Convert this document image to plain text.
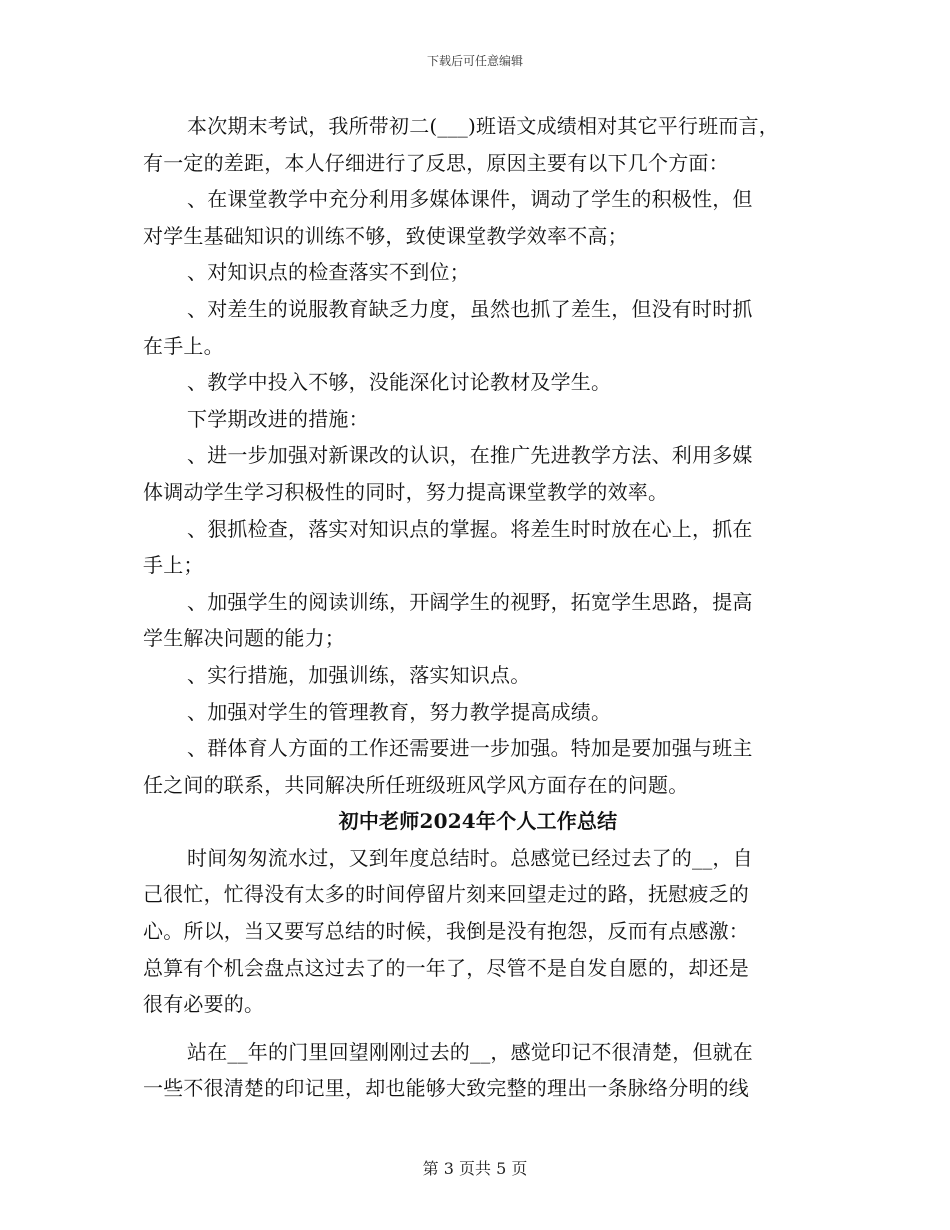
下载后可任意编辑
本次期末考试，我所带初二(___)班语文成绩相对其它平行班而言，
有一定的差距，本人仔细进行了反思，原因主要有以下几个方面：
、在课堂教学中充分利用多媒体课件，调动了学生的积极性，但
对学生基础知识的训练不够，致使课堂教学效率不高；
、对知识点的检查落实不到位；
、对差生的说服教育缺乏力度，虽然也抓了差生，但没有时时抓
在手上。
、教学中投入不够，没能深化讨论教材及学生。
下学期改进的措施：
、进一步加强对新课改的认识，在推广先进教学方法、利用多媒
体调动学生学习积极性的同时，努力提高课堂教学的效率。
、狠抓检查，落实对知识点的掌握。将差生时时放在心上，抓在
手上；
、加强学生的阅读训练，开阔学生的视野，拓宽学生思路，提高
学生解决问题的能力；
、实行措施，加强训练，落实知识点。
、加强对学生的管理教育，努力教学提高成绩。
、群体育人方面的工作还需要进一步加强。特加是要加强与班主
任之间的联系，共同解决所任班级班风学风方面存在的问题。
初中老师2024年个人工作总结
时间匆匆流水过，又到年度总结时。总感觉已经过去了的__，自
己很忙，忙得没有太多的时间停留片刻来回望走过的路，抚慰疲乏的
心。所以，当又要写总结的时候，我倒是没有抱怨，反而有点感激：
总算有个机会盘点这过去了的一年了，尽管不是自发自愿的，却还是
很有必要的。
站在__年的门里回望刚刚过去的__，感觉印记不很清楚，但就在
一些不很清楚的印记里，却也能够大致完整的理出一条脉络分明的线
第 3 页共 5 页
